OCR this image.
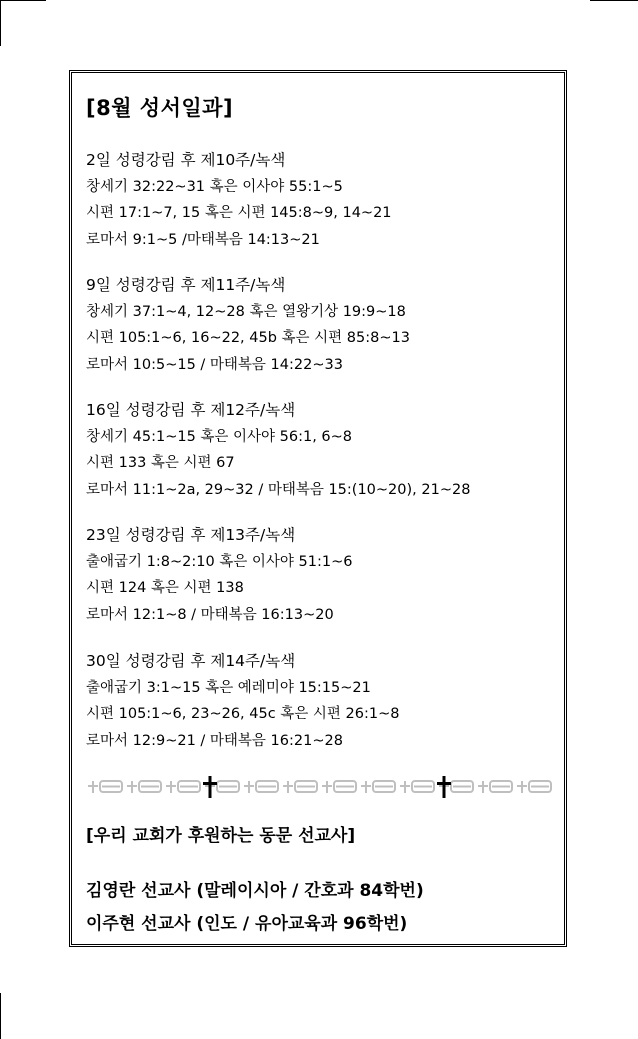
[8월 성서일과]
2일 성령강림 후 제10주/녹색
창세기 32:22~31 혹은 이사야 55:1~5
시편 17:1~7, 15 혹은 시편 145:8~9, 14~21
로마서 9:1~5 /마태복음 14:13~21
9일 성령강림 후 제11주/녹색
창세기 37:1~4, 12~28 혹은 열왕기상 19:9~18
시편 105:1~6, 16~22, 45b 혹은 시편 85:8~13
로마서 10:5~15 / 마태복음 14:22~33
16일 성령강림 후 제12주/녹색
창세기 45:1~15 혹은 이사야 56:1, 6~8
시편 133 혹은 시편 67
로마서 11:1~2a, 29~32 / 마태복음 15:(10~20), 21~28
23일 성령강림 후 제13주/녹색
출애굽기 1:8~2:10 혹은 이사야 51:1~6
시편 124 혹은 시편 138
로마서 12:1~8 / 마태복음 16:13~20
30일 성령강림 후 제14주/녹색
출애굽기 3:1~15 혹은 예레미야 15:15~21
시편 105:1~6, 23~26, 45c 혹은 시편 26:1~8
로마서 12:9~21 / 마태복음 16:21~28
[우리 교회가 후원하는 동문 선교사]
김영란 선교사 (말레이시아 / 간호과 84학번)
이주현 선교사 (인도 / 유아교육과 96학번)
